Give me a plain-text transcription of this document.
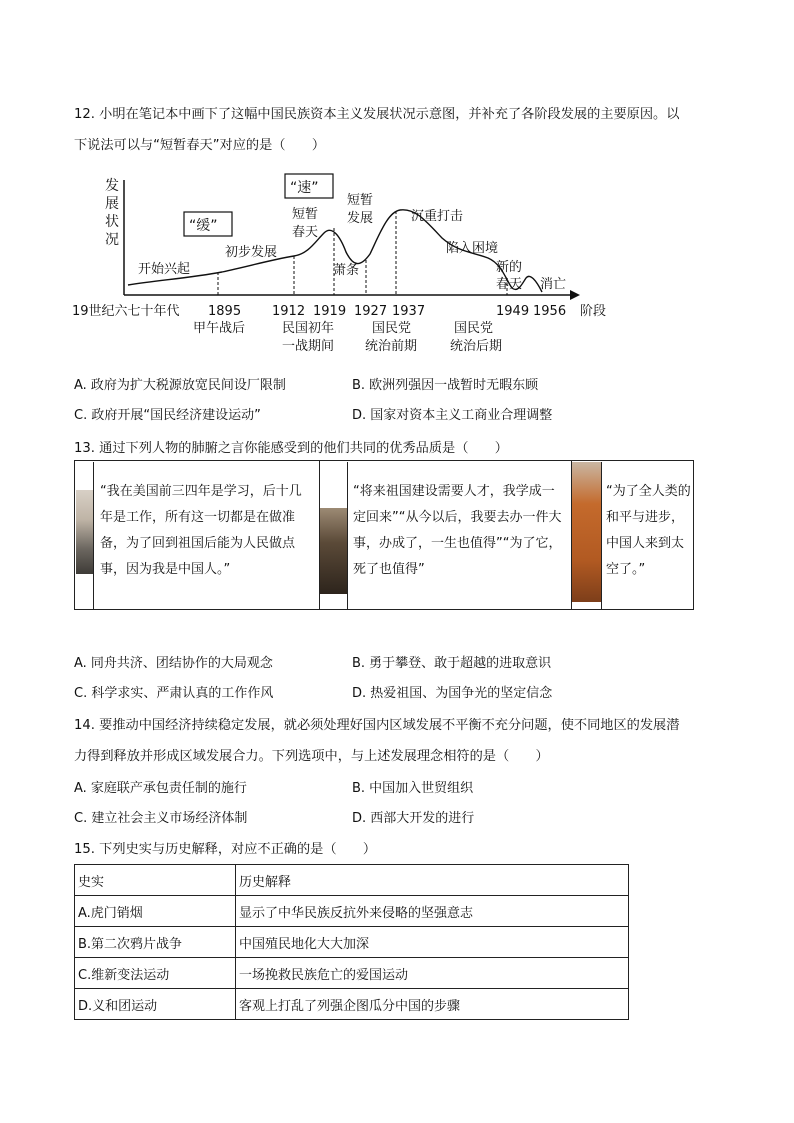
12. 小明在笔记本中画下了这幅中国民族资本主义发展状况示意图，并补充了各阶段发展的主要原因。以
下说法可以与“短暂春天”对应的是（　　）
发
展
状
况
“缓”
“速”
开始兴起
初步发展
短暂
春天
短暂
发展
萧条
沉重打击
陷入困境
新的
春天 消亡
19世纪六七十年代 1895 1912 1919 1927 1937	1949 1956 阶段
甲午战后	民国初年
一战期间
国民党
统治前期
国民党
统治后期
A. 政府为扩大税源放宽民间设厂限制	B. 欧洲列强因一战暂时无暇东顾
C. 政府开展“国民经济建设运动”	D. 国家对资本主义工商业合理调整
13. 通过下列人物的肺腑之言你能感受到的他们共同的优秀品质是（　　）
“我在美国前三四年是学习，后十几年是工作，所有这一切都是在做准备，为了回到祖国后能为人民做点事，因为我是中国人。”
“将来祖国建设需要人才，我学成一定回来”“从今以后，我要去办一件大事，办成了，一生也值得”“为了它，死了也值得”
“为了全人类的和平与进步，中国人来到太空了。”
A. 同舟共济、团结协作的大局观念	B. 勇于攀登、敢于超越的进取意识
C. 科学求实、严肃认真的工作作风	D. 热爱祖国、为国争光的坚定信念
14. 要推动中国经济持续稳定发展，就必须处理好国内区域发展不平衡不充分问题，使不同地区的发展潜
力得到释放并形成区域发展合力。下列选项中，与上述发展理念相符的是（　　）
A. 家庭联产承包责任制的施行	B. 中国加入世贸组织
C. 建立社会主义市场经济体制	D. 西部大开发的进行
15. 下列史实与历史解释，对应不正确的是（　　）
史实	历史解释
A.虎门销烟	显示了中华民族反抗外来侵略的坚强意志
B.第二次鸦片战争	中国殖民地化大大加深
C.维新变法运动	一场挽救民族危亡的爱国运动
D.义和团运动	客观上打乱了列强企图瓜分中国的步骤
